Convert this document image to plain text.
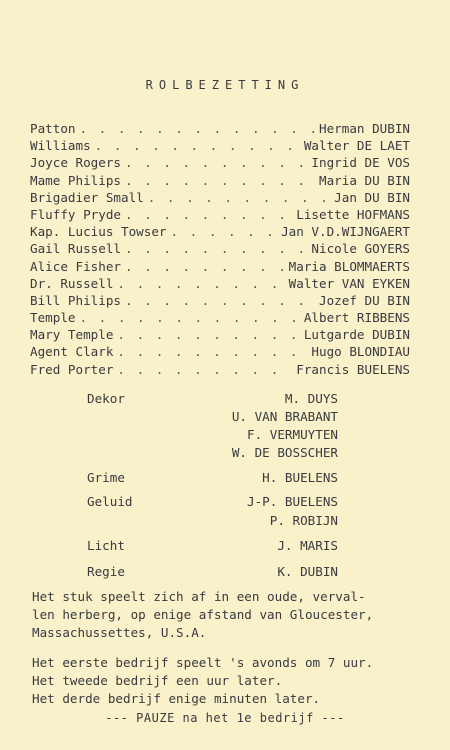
ROLBEZETTING
Patton . . .	Herman DUBIN
Williams . . .	Walter DE LAET
Joyce Rogers . . .	Ingrid DE VOS
Mame Philips . . .	Maria DU BIN
Brigadier Small . . .	Jan DU BIN
Fluffy Pryde . . .	Lisette HOFMANS
Kap. Lucius Towser . . .	Jan V.D.WIJNGAERT
Gail Russell . . .	Nicole GOYERS
Alice Fisher . . .	Maria BLOMMAERTS
Dr. Russell . . .	Walter VAN EYKEN
Bill Philips . . .	Jozef DU BIN
Temple . . .	Albert RIBBENS
Mary Temple . . .	Lutgarde DUBIN
Agent Clark . . .	Hugo BLONDIAU
Fred Porter . . .	Francis BUELENS
Dekor	M. DUYS
U. VAN BRABANT
F. VERMUYTEN
W. DE BOSSCHER
Grime	H. BUELENS
Geluid	J-P. BUELENS
P. ROBIJN
Licht	J. MARIS
Regie	K. DUBIN

Het stuk speelt zich af in een oude, verval-

len herberg, op enige afstand van Gloucester,

Massachussettes, U.S.A.

Het eerste bedrijf speelt 's avonds om 7 uur.

Het tweede bedrijf een uur later.

Het derde bedrijf enige minuten later.

--- PAUZE na het 1e bedrijf ---
